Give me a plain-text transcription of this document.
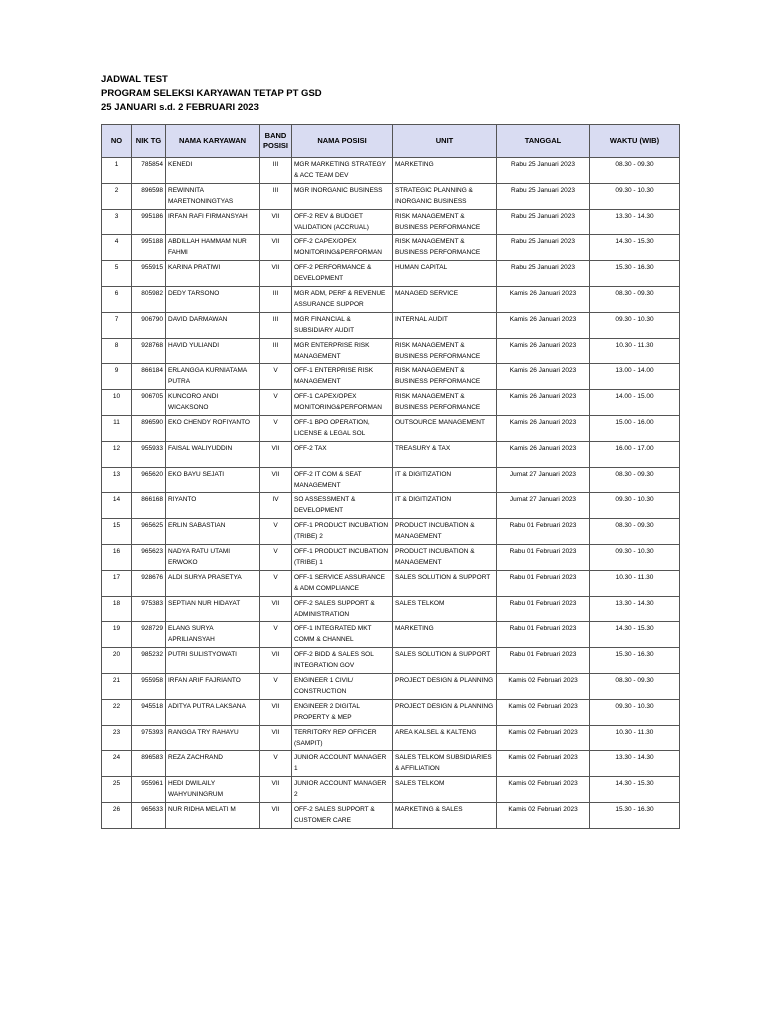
JADWAL TEST
PROGRAM SELEKSI KARYAWAN TETAP PT GSD
25 JANUARI s.d. 2 FEBRUARI 2023
NO	NIK TG	NAMA KARYAWAN	BAND POSISI	NAMA POSISI	UNIT	TANGGAL	WAKTU (WIB)
1	785854	KENEDI	III	MGR MARKETING STRATEGY & ACC TEAM DEV	MARKETING	Rabu 25 Januari 2023	08.30 - 09.30
2	896598	REWINNITA MARETNONINGTYAS	III	MGR INORGANIC BUSINESS	STRATEGIC PLANNING & INORGANIC BUSINESS	Rabu 25 Januari 2023	09.30 - 10.30
3	995186	IRFAN RAFI FIRMANSYAH	VII	OFF-2 REV & BUDGET VALIDATION (ACCRUAL)	RISK MANAGEMENT & BUSINESS PERFORMANCE	Rabu 25 Januari 2023	13.30 - 14.30
4	995188	ABDILLAH HAMMAM NUR FAHMI	VII	OFF-2 CAPEX/OPEX MONITORING&PERFORMAN	RISK MANAGEMENT & BUSINESS PERFORMANCE	Rabu 25 Januari 2023	14.30 - 15.30
5	955915	KARINA PRATIWI	VII	OFF-2 PERFORMANCE & DEVELOPMENT	HUMAN CAPITAL	Rabu 25 Januari 2023	15.30 - 16.30
6	805982	DEDY TARSONO	III	MGR ADM, PERF & REVENUE ASSURANCE SUPPOR	MANAGED SERVICE	Kamis 26 Januari 2023	08.30 - 09.30
7	906790	DAVID DARMAWAN	III	MGR FINANCIAL & SUBSIDIARY AUDIT	INTERNAL AUDIT	Kamis 26 Januari 2023	09.30 - 10.30
8	928768	HAVID YULIANDI	III	MGR ENTERPRISE RISK MANAGEMENT	RISK MANAGEMENT & BUSINESS PERFORMANCE	Kamis 26 Januari 2023	10.30 - 11.30
9	866184	ERLANGGA KURNIATAMA PUTRA	V	OFF-1 ENTERPRISE RISK MANAGEMENT	RISK MANAGEMENT & BUSINESS PERFORMANCE	Kamis 26 Januari 2023	13.00 - 14.00
10	906705	KUNCORO ANDI WICAKSONO	V	OFF-1 CAPEX/OPEX MONITORING&PERFORMAN	RISK MANAGEMENT & BUSINESS PERFORMANCE	Kamis 26 Januari 2023	14.00 - 15.00
11	896590	EKO CHENDY ROFIYANTO	V	OFF-1 BPO OPERATION, LICENSE & LEGAL SOL	OUTSOURCE MANAGEMENT	Kamis 26 Januari 2023	15.00 - 16.00
12	955933	FAISAL WALIYUDDIN	VII	OFF-2 TAX	TREASURY & TAX	Kamis 26 Januari 2023	16.00 - 17.00
13	965620	EKO BAYU SEJATI	VII	OFF-2 IT COM & SEAT MANAGEMENT	IT & DIGITIZATION	Jumat 27 Januari 2023	08.30 - 09.30
14	866168	RIYANTO	IV	SO ASSESSMENT & DEVELOPMENT	IT & DIGITIZATION	Jumat 27 Januari 2023	09.30 - 10.30
15	965625	ERLIN SABASTIAN	V	OFF-1 PRODUCT INCUBATION (TRIBE) 2	PRODUCT INCUBATION & MANAGEMENT	Rabu 01 Februari 2023	08.30 - 09.30
16	965623	NADYA RATU UTAMI ERWOKO	V	OFF-1 PRODUCT INCUBATION (TRIBE) 1	PRODUCT INCUBATION & MANAGEMENT	Rabu 01 Februari 2023	09.30 - 10.30
17	928676	ALDI SURYA PRASETYA	V	OFF-1 SERVICE ASSURANCE & ADM COMPLIANCE	SALES SOLUTION & SUPPORT	Rabu 01 Februari 2023	10.30 - 11.30
18	975383	SEPTIAN NUR HIDAYAT	VII	OFF-2 SALES SUPPORT & ADMINISTRATION	SALES TELKOM	Rabu 01 Februari 2023	13.30 - 14.30
19	928729	ELANG SURYA APRILIANSYAH	V	OFF-1 INTEGRATED MKT COMM & CHANNEL	MARKETING	Rabu 01 Februari 2023	14.30 - 15.30
20	985232	PUTRI SULISTYOWATI	VII	OFF-2 BIDD & SALES SOL INTEGRATION GOV	SALES SOLUTION & SUPPORT	Rabu 01 Februari 2023	15.30 - 16.30
21	955958	IRFAN ARIF FAJRIANTO	V	ENGINEER 1 CIVIL/ CONSTRUCTION	PROJECT DESIGN & PLANNING	Kamis 02 Februari 2023	08.30 - 09.30
22	945518	ADITYA PUTRA LAKSANA	VII	ENGINEER 2 DIGITAL PROPERTY & MEP	PROJECT DESIGN & PLANNING	Kamis 02 Februari 2023	09.30 - 10.30
23	975393	RANGGA TRY RAHAYU	VII	TERRITORY REP OFFICER (SAMPIT)	AREA KALSEL & KALTENG	Kamis 02 Februari 2023	10.30 - 11.30
24	896583	REZA ZACHRAND	V	JUNIOR ACCOUNT MANAGER 1	SALES TELKOM SUBSIDIARIES & AFFILIATION	Kamis 02 Februari 2023	13.30 - 14.30
25	955961	HEDI DWILAILY WAHYUNINGRUM	VII	JUNIOR ACCOUNT MANAGER 2	SALES TELKOM	Kamis 02 Februari 2023	14.30 - 15.30
26	965633	NUR RIDHA MELATI M	VII	OFF-2 SALES SUPPORT & CUSTOMER CARE	MARKETING & SALES	Kamis 02 Februari 2023	15.30 - 16.30
